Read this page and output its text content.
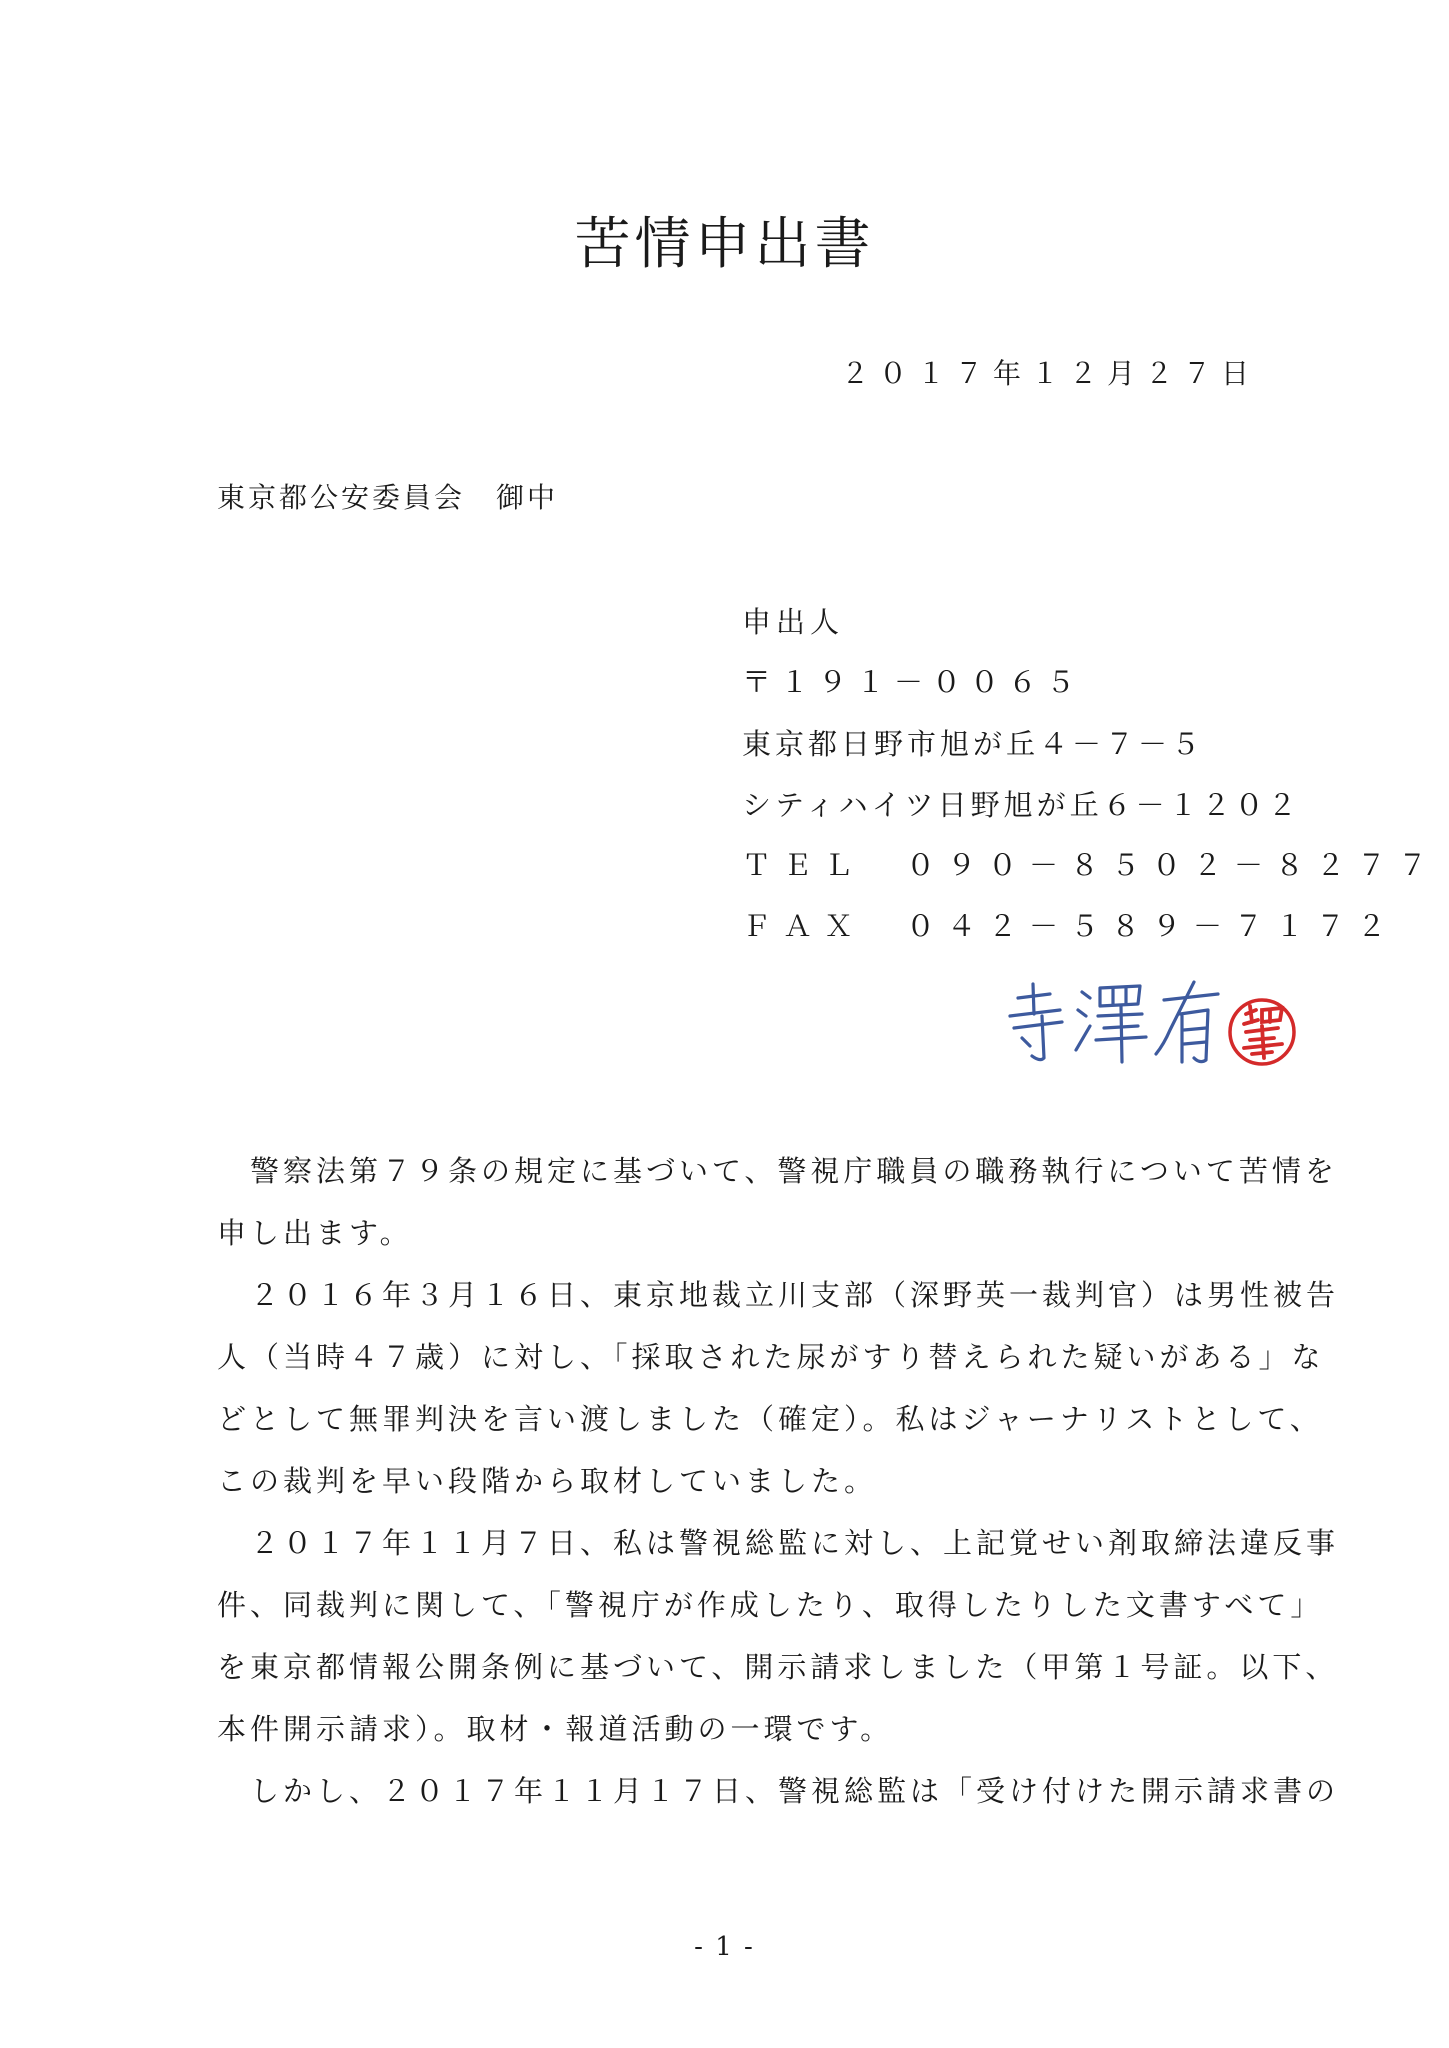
苦情申出書
２０１７年１２月２７日
東京都公安委員会　御中
申出人
〒１９１－００６５
東京都日野市旭が丘４－７－５
シティハイツ日野旭が丘６－１２０２
ＴＥＬ　０９０－８５０２－８２７７
ＦＡＸ　０４２－５８９－７１７２
　警察法第７９条の規定に基づいて、警視庁職員の職務執行について苦情を
申し出ます。
　２０１６年３月１６日、東京地裁立川支部（深野英一裁判官）は男性被告
人（当時４７歳）に対し、「採取された尿がすり替えられた疑いがある」な
どとして無罪判決を言い渡しました（確定）。私はジャーナリストとして、
この裁判を早い段階から取材していました。
　２０１７年１１月７日、私は警視総監に対し、上記覚せい剤取締法違反事
件、同裁判に関して、「警視庁が作成したり、取得したりした文書すべて」
を東京都情報公開条例に基づいて、開示請求しました（甲第１号証。以下、
本件開示請求）。取材・報道活動の一環です。
　しかし、２０１７年１１月１７日、警視総監は「受け付けた開示請求書の
- 1 -
